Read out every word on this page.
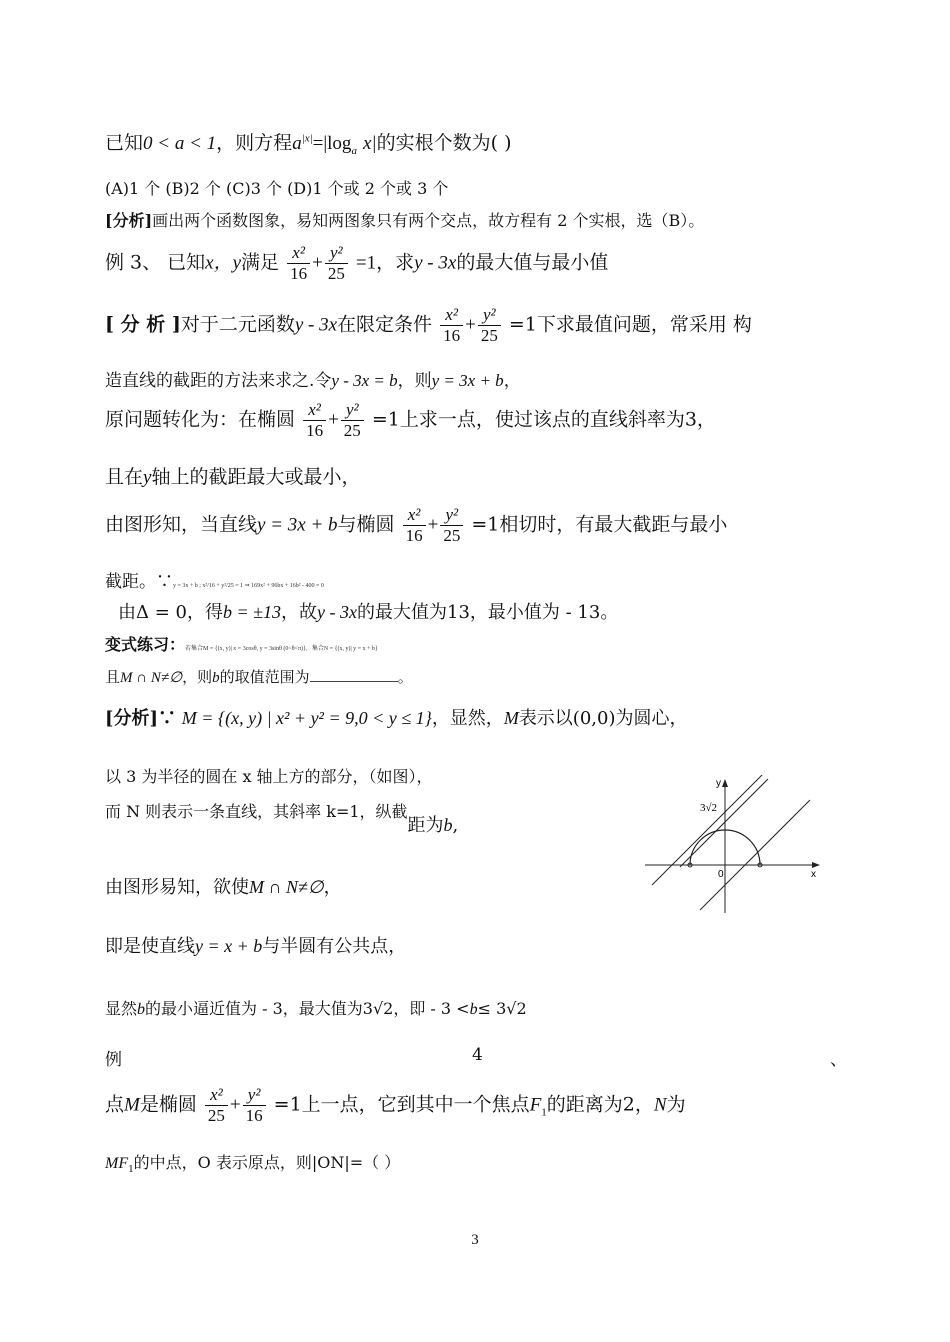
已知0 < a < 1，则方程$a^{|x|}=|\log_a$ x|的实根个数为( )
(A)1 个 (B)2 个 (C)3 个 (D)1 个或 2 个或 3 个
[分析]画出两个函数图象，易知两图象只有两个交点，故方程有 2 个实根，选（B）。
例 3、 已知x，y满足 $\frac{\text{x²}}{16} + \frac{\text{y²}}{25} =1$，求y - 3x的最大值与最小值
[ 分 析 ]对于二元函数y - 3x在限定条件 $\frac{\text{x²}}{16} + \frac{\text{y²}}{25} =1$下求最值问题，常采用 构
造直线的截距的方法来求之.令y - 3x = b，则y = 3x + b，
原问题转化为：在椭圆 $\frac{\text{x²}}{16} + \frac{\text{y²}}{25} =1$上求一点，使过该点的直线斜率为3，
且在y轴上的截距最大或最小，
由图形知，当直线y = 3x + b与椭圆 $\frac{\text{x²}}{16} + \frac{\text{y²}}{25} =1$相切时，有最大截距与最小
截距。∵y = 3x + b ; x²/16 + y²/25 = 1 ⇒ 169x² + 96bx + 16b² - 400 = 0
由Δ = 0，得b = ±13，故y - 3x的最大值为13，最小值为 - 13。
变式练习：若集合M = {(x, y)| x = 3cosθ, y = 3sinθ (0<θ<π)}，集合N = {(x, y)| y = x + b}
且M ∩ N≠∅，则b的取值范围为	。
[分析]∵ M = {(x, y) | x² + y² = 9,0 < y ≤ 1}，显然，M表示以(0,0)为圆心，
以 3 为半径的圆在 x 轴上方的部分，（如图），
而 N 则表示一条直线，其斜率 k=1，纵截距为b,
由图形易知，欲使M ∩ N≠∅，
即是使直线y = x + b与半圆有公共点，
显然b的最小逼近值为 - 3，最大值为3√2，即 - 3 <b≤ 3√2
例	4	、
点M是椭圆 $\frac{\text{x²}}{25} + \frac{\text{y²}}{16} =1$上一点，它到其中一个焦点$F_1$的距离为2，N为
$MF_1$的中点，O 表示原点，则|ON|=（ ）
y
x
0
3√2
3
